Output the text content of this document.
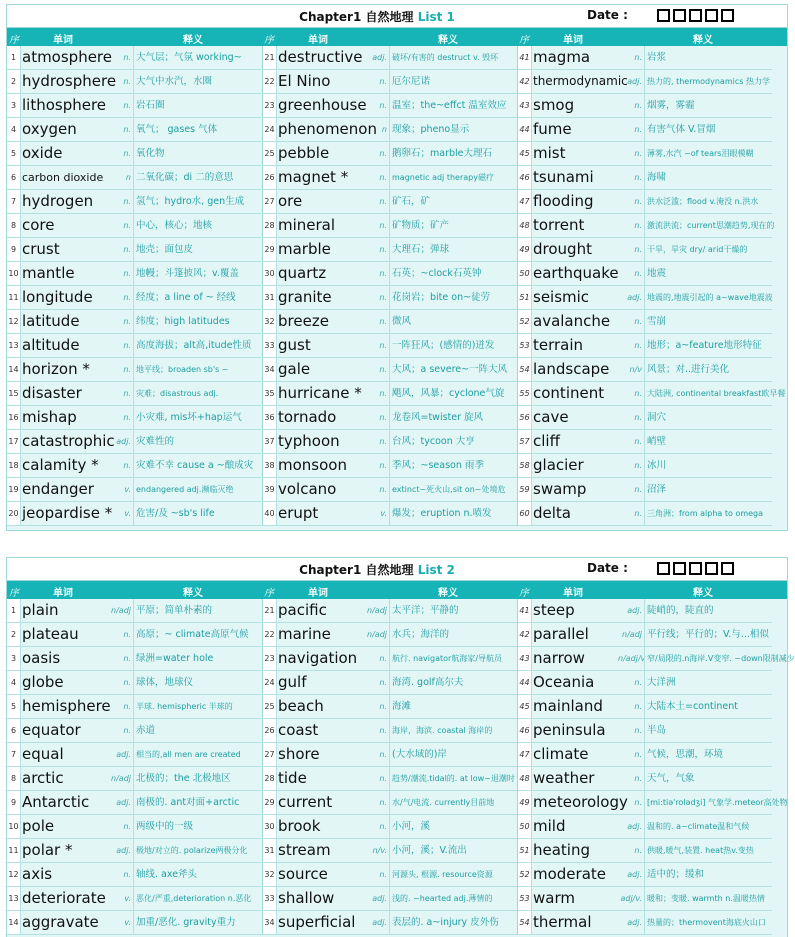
Chapter1 自然地理 List 1	Date :
序	单词	释义	序	单词	释义	序	单词	释义
1 atmosphere	n. 大气层；气氛 working~
2 hydrosphere n. 大气中水汽，水圈
3 lithosphere	n. 岩石圈
4 oxygen	n. 氧气； gases 气体
5 oxide	n. 氧化物
6 carbon dioxide	n 二氧化碳；di 二的意思
7 hydrogen	n. 氢气；hydro水, gen生成
8 core	n. 中心，核心；地核
9 crust	n. 地壳；面包皮
10 mantle	n. 地幔；斗篷披风；v.覆盖
11 longitude	n. 经度；a line of ~ 经线
12 latitude	n. 纬度；high latitudes
13 altitude	n. 高度海拔；alt高,itude性质
14 horizon *	n. 地平线；broaden sb's ~
15 disaster	n. 灾难；disastrous adj.
16 mishap	n. 小灾难, mis坏+hap运气
17 catastrophic adj. 灾难性的
18 calamity *	n. 灾难不幸 cause a ~酿成灾
19 endanger	v. endangered adj.濒临灭绝
20 jeopardise *	v. 危害/及 ~sb's life
21 destructive	adj. 破坏/有害的 destruct v. 毁坏
22 El Nino	n. 厄尔尼诺
23 greenhouse	n. 温室；the~effct 温室效应
24 phenomenon n 现象；pheno显示
25 pebble	n. 鹅卵石；marble大理石
26 magnet *	n. magnetic adj therapy磁疗
27 ore	n. 矿石，矿
28 mineral	n. 矿物质；矿产
29 marble	n. 大理石；弹球
30 quartz	n. 石英；~clock石英钟
31 granite	n. 花岗岩；bite on~徒劳
32 breeze	n. 微风
33 gust	n. 一阵狂风；(感情的)迸发
34 gale	n. 大风；a severe~一阵大风
35 hurricane *	n. 飓风，风暴；cyclone气旋
36 tornado	n. 龙卷风=twister 旋风
37 typhoon	n. 台风；tycoon 大亨
38 monsoon	n. 季风；~season 雨季
39 volcano	n. extinct~死火山,sit on~处境危
40 erupt	v. 爆发；eruption n.喷发
41 magma	n. 岩浆
42 thermodynamic adj. 热力的, thermodynamics 热力学
43 smog	n. 烟雾，雾霾
44 fume	n. 有害气体 V.冒烟
45 mist	n. 薄雾,水汽 ~of tears泪眼模糊
46 tsunami	n. 海啸
47 flooding	n. 洪水泛滥；flood v.淹没 n.洪水
48 torrent	n. 激流洪流；current思潮趋势,现在的
49 drought	n. 干旱，旱灾 dry/ arid干燥的
50 earthquake	n. 地震
51 seismic	adj. 地震的,地震引起的 a~wave地震波
52 avalanche	n. 雪崩
53 terrain	n. 地形；a~feature地形特征
54 landscape	n/v 风景；对..进行美化
55 continent	n. 大陆洲, continental breakfast欧早餐
56 cave	n. 洞穴
57 cliff	n. 峭壁
58 glacier	n. 冰川
59 swamp	n. 沼泽
60 delta	n. 三角洲；from alpha to omega
Chapter1 自然地理 List 2	Date :
序	单词	释义	序	单词	释义	序	单词	释义
1 plain	n/adj 平原；简单朴素的
2 plateau	n. 高原；~ climate高原气候
3 oasis	n. 绿洲=water hole
4 globe	n. 球体，地球仪
5 hemisphere	n. 半球. hemispheric 半球的
6 equator	n. 赤道
7 equal	adj. 相当的,all men are created
8 arctic	n/adj 北极的；the 北极地区
9 Antarctic	adj. 南极的. ant对面+arctic
10 pole	n. 两级中的一级
11 polar *	adj. 极地/对立的. polarize两极分化
12 axis	n. 轴线. axe斧头
13 deteriorate	v. 恶化/严重,deterioration n.恶化
14 aggravate	v. 加重/恶化. gravity重力
21 pacific	n/adj 太平洋；平静的
22 marine	n/adj 水兵；海洋的
23 navigation	n. 航行. navigator航海家/导航员
24 gulf	n. 海湾. golf高尔夫
25 beach	n. 海滩
26 coast	n. 海岸，海滨. coastal 海岸的
27 shore	n. (大水域的)岸
28 tide	n. 趋势/潮流.tidal的. at low~退潮时
29 current	n. 水/气/电流. currently目前地
30 brook	n. 小河，溪
31 stream	n/v. 小河，溪；V.流出
32 source	n. 河源头, 根源. resource资源
33 shallow	adj. 浅的. ~hearted adj.薄情的
34 superficial	adj. 表层的. a~injury 皮外伤
41 steep	adj. 陡峭的，陡直的
42 parallel	n/adj 平行线；平行的；V.与...相似
43 narrow	n/adj/v 窄/局限的.n海岸.V变窄. ~down限制减少
44 Oceania	n. 大洋洲
45 mainland	n. 大陆本土=continent
46 peninsula	n. 半岛
47 climate	n. 气候，思潮，环境
48 weather	n. 天气，气象
49 meteorology n. [mi:tiə'rolədʒi] 气象学.meteor高处物
50 mild	adj. 温和的. a~climate温和气候
51 heating	n. 供暖,暖气,装置. heat热v.变热
52 moderate	adj. 适中的；缓和
53 warm	adj/v. 暖和；变暖. warmth n.温暖热情
54 thermal	adj. 热量的；thermovent海底火山口
